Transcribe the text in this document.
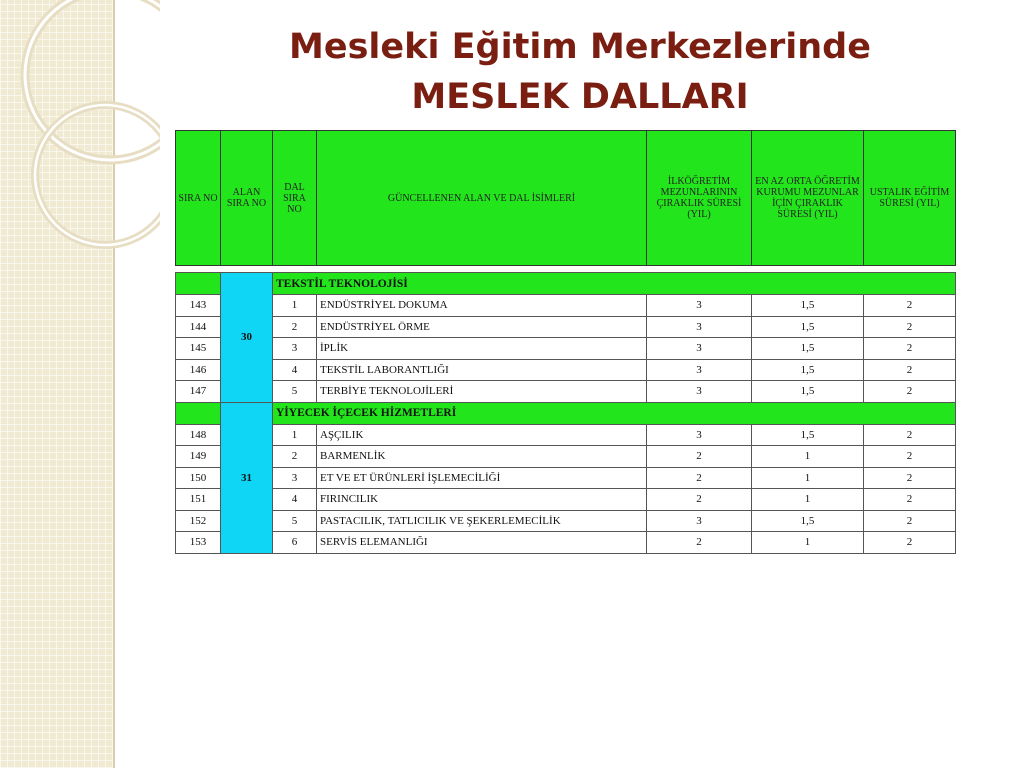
Mesleki Eğitim Merkezlerinde
MESLEK DALLARI
SIRA NO	ALAN SIRA NO	DAL SIRA NO	GÜNCELLENEN ALAN VE DAL İSİMLERİ	İLKÖĞRETİM MEZUNLARININ ÇIRAKLIK SÜRESİ (YIL)	EN AZ ORTA ÖĞRETİM KURUMU MEZUNLAR İÇİN ÇIRAKLIK SÜRESİ (YIL)	USTALIK EĞİTİM SÜRESİ (YIL)
	30	TEKSTİL TEKNOLOJİSİ				
143		1	ENDÜSTRİYEL DOKUMA	3	1,5	2
144		2	ENDÜSTRİYEL ÖRME	3	1,5	2
145		3	İPLİK	3	1,5	2
146		4	TEKSTİL LABORANTLIĞI	3	1,5	2
147		5	TERBİYE TEKNOLOJİLERİ	3	1,5	2
	31	YİYECEK İÇECEK HİZMETLERİ				
148		1	AŞÇILIK	3	1,5	2
149		2	BARMENLİK	2	1	2
150		3	ET VE ET ÜRÜNLERİ İŞLEMECİLİĞİ	2	1	2
151		4	FIRINCILIK	2	1	2
152		5	PASTACILIK, TATLICILIK VE ŞEKERLEMECİLİK	3	1,5	2
153		6	SERVİS ELEMANLIĞI	2	1	2
